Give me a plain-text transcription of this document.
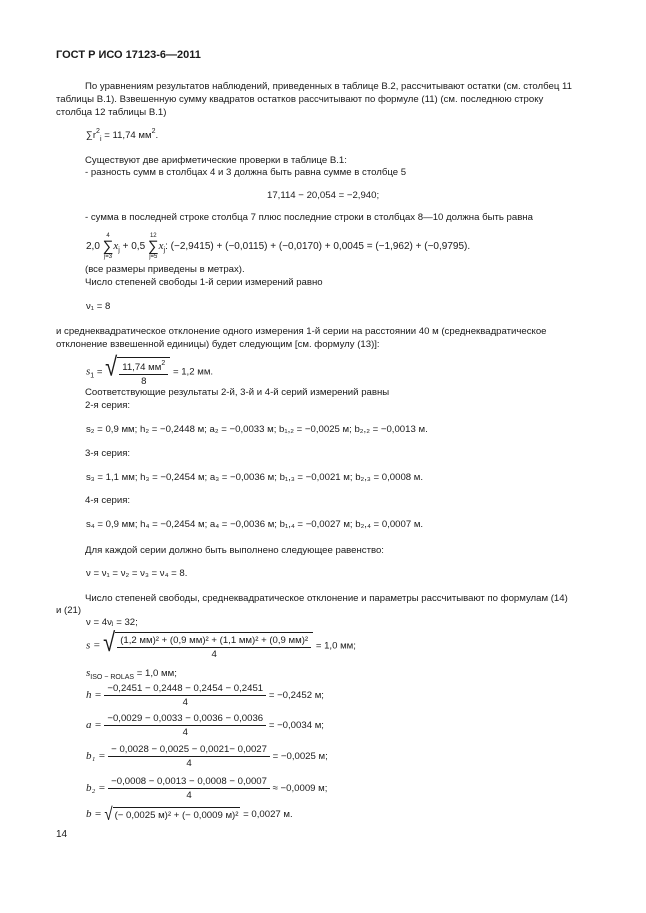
ГОСТ Р ИСО 17123-6—2011
По уравнениям результатов наблюдений, приведенных в таблице В.2, рассчитывают остатки (см. столбец 11
таблицы В.1). Взвешенную сумму квадратов остатков рассчитывают по формуле (11) (см. последнюю строку
столбца 12 таблицы В.1)
$\sum r^2_i = 11,74$ $мм^2$.
Существуют две арифметические проверки в таблице В.1:
- разность сумм в столбцах 4 и 3 должна быть равна сумме в столбце 5
17,114 − 20,054 = −2,940;
- сумма в последней строке столбца 7 плюс последние строки в столбцах 8—10 должна быть равна
2,0
4
∑
j=3
$x_j + 0,5$
12
∑
j=5
$x_j$: (−2,9415) + (−0,0115) + (−0,0170) + 0,0045 = (−1,962) + (−0,9795).
(все размеры приведены в метрах).
Число степеней свободы 1-й серии измерений равно
ν₁ = 8
и среднеквадратическое отклонение одного измерения 1-й серии на расстоянии 40 м (среднеквадратическое
отклонение взвешенной единицы) будет следующим [см. формулу (13)]:
$s_1$ = √ $\frac{11,74 мм^2}{8} = 1,2$ мм.
Соответствующие результаты 2-й, 3-й и 4-й серий измерений равны
2-я серия:
s₂ = 0,9 мм; h₂ = −0,2448 м; a₂ = −0,0033 м; b₁,₂ = −0,0025 м; b₂,₂ = −0,0013 м.
3-я серия:
s₃ = 1,1 мм; h₃ = −0,2454 м; a₃ = −0,0036 м; b₁,₃ = −0,0021 м; b₂,₃ = 0,0008 м.
4-я серия:
s₄ = 0,9 мм; h₄ = −0,2454 м; a₄ = −0,0036 м; b₁,₄ = −0,0027 м; b₂,₄ = 0,0007 м.
Для каждой серии должно быть выполнено следующее равенство:
ν = ν₁ = ν₂ = ν₃ = ν₄ = 8.
Число степеней свободы, среднеквадратическое отклонение и параметры рассчитывают по формулам (14)
и (21)
ν = 4νⱼ = 32;
s = √ $\frac{\text{(1,2 мм)² + (0,9 мм)² + (1,1 мм)² + (0,9 мм)²}}{4} = 1,0$ мм;
$s_{ISO - ROLAS} = 1,0$ мм;
$h = \frac{-0,2451 - 0,2448 - 0,2454 - 0,2451}{4} = -0,2452$ м;
$a = \frac{-0,0029 - 0,0033 - 0,0036 - 0,0036}{4} = -0,0034$ м;
$b_1 = \frac{- 0,0028 - 0,0025 - 0,0021- 0,0027}{4} = -0,0025$ м;
$b_2 = \frac{-0,0008 - 0,0013 - 0,0008 - 0,0007}{4} \approx -0,0009$ м;
b = √ (− 0,0025 м)² + (− 0,0009 м)² = 0,0027 м.
14
